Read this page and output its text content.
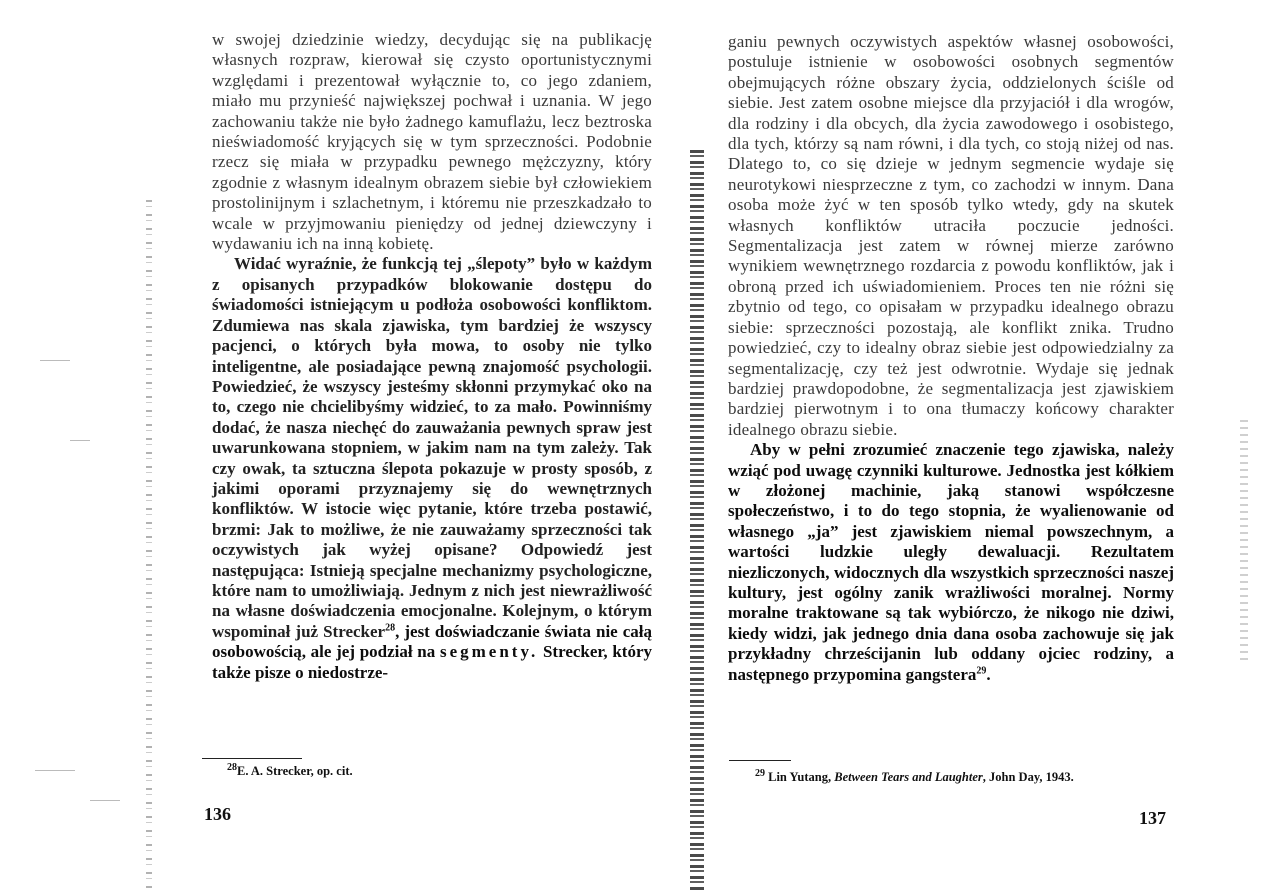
w swojej dziedzinie wiedzy, decydując się na publikację własnych rozpraw, kierował się czysto oportunistycznymi względami i prezentował wyłącznie to, co jego zdaniem, miało mu przynieść największej pochwał i uznania. W jego zachowaniu także nie było żadnego kamuflażu, lecz beztroska nieświadomość kryjących się w tym sprzeczności. Podobnie rzecz się miała w przypadku pewnego mężczyzny, który zgodnie z własnym idealnym obrazem siebie był człowiekiem prostolinijnym i szlachetnym, i któremu nie przeszkadzało to wcale w przyjmowaniu pieniędzy od jednej dziewczyny i wydawaniu ich na inną kobietę.

Widać wyraźnie, że funkcją tej „ślepoty” było w każdym z opisanych przypadków blokowanie dostępu do świadomości istniejącym u podłoża osobowości konfliktom. Zdumiewa nas skala zjawiska, tym bardziej że wszyscy pacjenci, o których była mowa, to osoby nie tylko inteligentne, ale posiadające pewną znajomość psychologii. Powiedzieć, że wszyscy jesteśmy skłonni przymykać oko na to, czego nie chcielibyśmy widzieć, to za mało. Powinniśmy dodać, że nasza niechęć do zauważania pewnych spraw jest uwarunkowana stopniem, w jakim nam na tym zależy. Tak czy owak, ta sztuczna ślepota pokazuje w prosty sposób, z jakimi oporami przyznajemy się do wewnętrznych konfliktów. W istocie więc pytanie, które trzeba postawić, brzmi: Jak to możliwe, że nie zauważamy sprzeczności tak oczywistych jak wyżej opisane? Odpowiedź jest następująca: Istnieją specjalne mechanizmy psychologiczne, które nam to umożliwiają. Jednym z nich jest niewrażliwość na własne doświadczenia emocjonalne. Kolejnym, o którym wspominał już Strecker$^{28}$, jest doświadczanie świata nie całą osobowością, ale jej podział na segmenty. Strecker, który także pisze o niedostrze-

$^{28}$E. A. Strecker, op. cit.
136

ganiu pewnych oczywistych aspektów własnej osobowości, postuluje istnienie w osobowości osobnych segmentów obejmujących różne obszary życia, oddzielonych ściśle od siebie. Jest zatem osobne miejsce dla przyjaciół i dla wrogów, dla rodziny i dla obcych, dla życia zawodowego i osobistego, dla tych, którzy są nam równi, i dla tych, co stoją niżej od nas. Dlatego to, co się dzieje w jednym segmencie wydaje się neurotykowi niesprzeczne z tym, co zachodzi w innym. Dana osoba może żyć w ten sposób tylko wtedy, gdy na skutek własnych konfliktów utraciła poczucie jedności. Segmentalizacja jest zatem w równej mierze zarówno wynikiem wewnętrznego rozdarcia z powodu konfliktów, jak i obroną przed ich uświadomieniem. Proces ten nie różni się zbytnio od tego, co opisałam w przypadku idealnego obrazu siebie: sprzeczności pozostają, ale konflikt znika. Trudno powiedzieć, czy to idealny obraz siebie jest odpowiedzialny za segmentalizację, czy też jest odwrotnie. Wydaje się jednak bardziej prawdopodobne, że segmentalizacja jest zjawiskiem bardziej pierwotnym i to ona tłumaczy końcowy charakter idealnego obrazu siebie.

Aby w pełni zrozumieć znaczenie tego zjawiska, należy wziąć pod uwagę czynniki kulturowe. Jednostka jest kółkiem w złożonej machinie, jaką stanowi współczesne społeczeństwo, i to do tego stopnia, że wyalienowanie od własnego „ja” jest zjawiskiem niemal powszechnym, a wartości ludzkie uległy dewaluacji. Rezultatem niezliczonych, widocznych dla wszystkich sprzeczności naszej kultury, jest ogólny zanik wrażliwości moralnej. Normy moralne traktowane są tak wybiórczo, że nikogo nie dziwi, kiedy widzi, jak jednego dnia dana osoba zachowuje się jak przykładny chrześcijanin lub oddany ojciec rodziny, a następnego przypomina gangstera$^{29}$.

$^{29}$ Lin Yutang, Between Tears and Laughter, John Day, 1943.
137
